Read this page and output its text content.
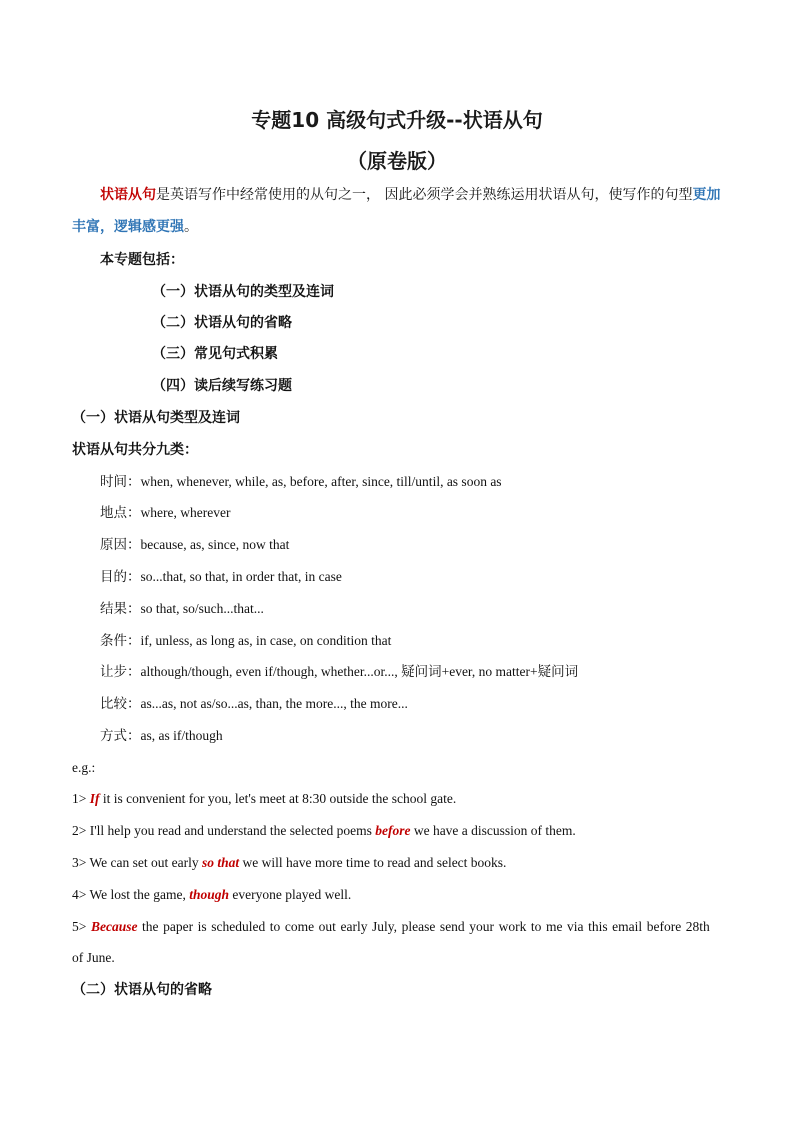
专题10 高级句式升级--状语从句
（原卷版）
状语从句是英语写作中经常使用的从句之一， 因此必须学会并熟练运用状语从句，使写作的句型更加
丰富，逻辑感更强。
本专题包括：
（一）状语从句的类型及连词
（二）状语从句的省略
（三）常见句式积累
（四）读后续写练习题
（一）状语从句类型及连词
状语从句共分九类：
时间：when, whenever, while, as, before, after, since, till/until, as soon as
地点：where, wherever
原因：because, as, since, now that
目的：so...that, so that, in order that, in case
结果：so that, so/such...that...
条件：if, unless, as long as, in case, on condition that
让步：although/though, even if/though, whether...or..., 疑问词+ever, no matter+疑问词
比较：as...as, not as/so...as, than, the more..., the more...
方式：as, as if/though
e.g.:
1> If it is convenient for you, let's meet at 8:30 outside the school gate.
2> I'll help you read and understand the selected poems before we have a discussion of them.
3> We can set out early so that we will have more time to read and select books.
4> We lost the game, though everyone played well.
5> Because the paper is scheduled to come out early July, please send your work to me via this email before 28th
of June.
（二）状语从句的省略
